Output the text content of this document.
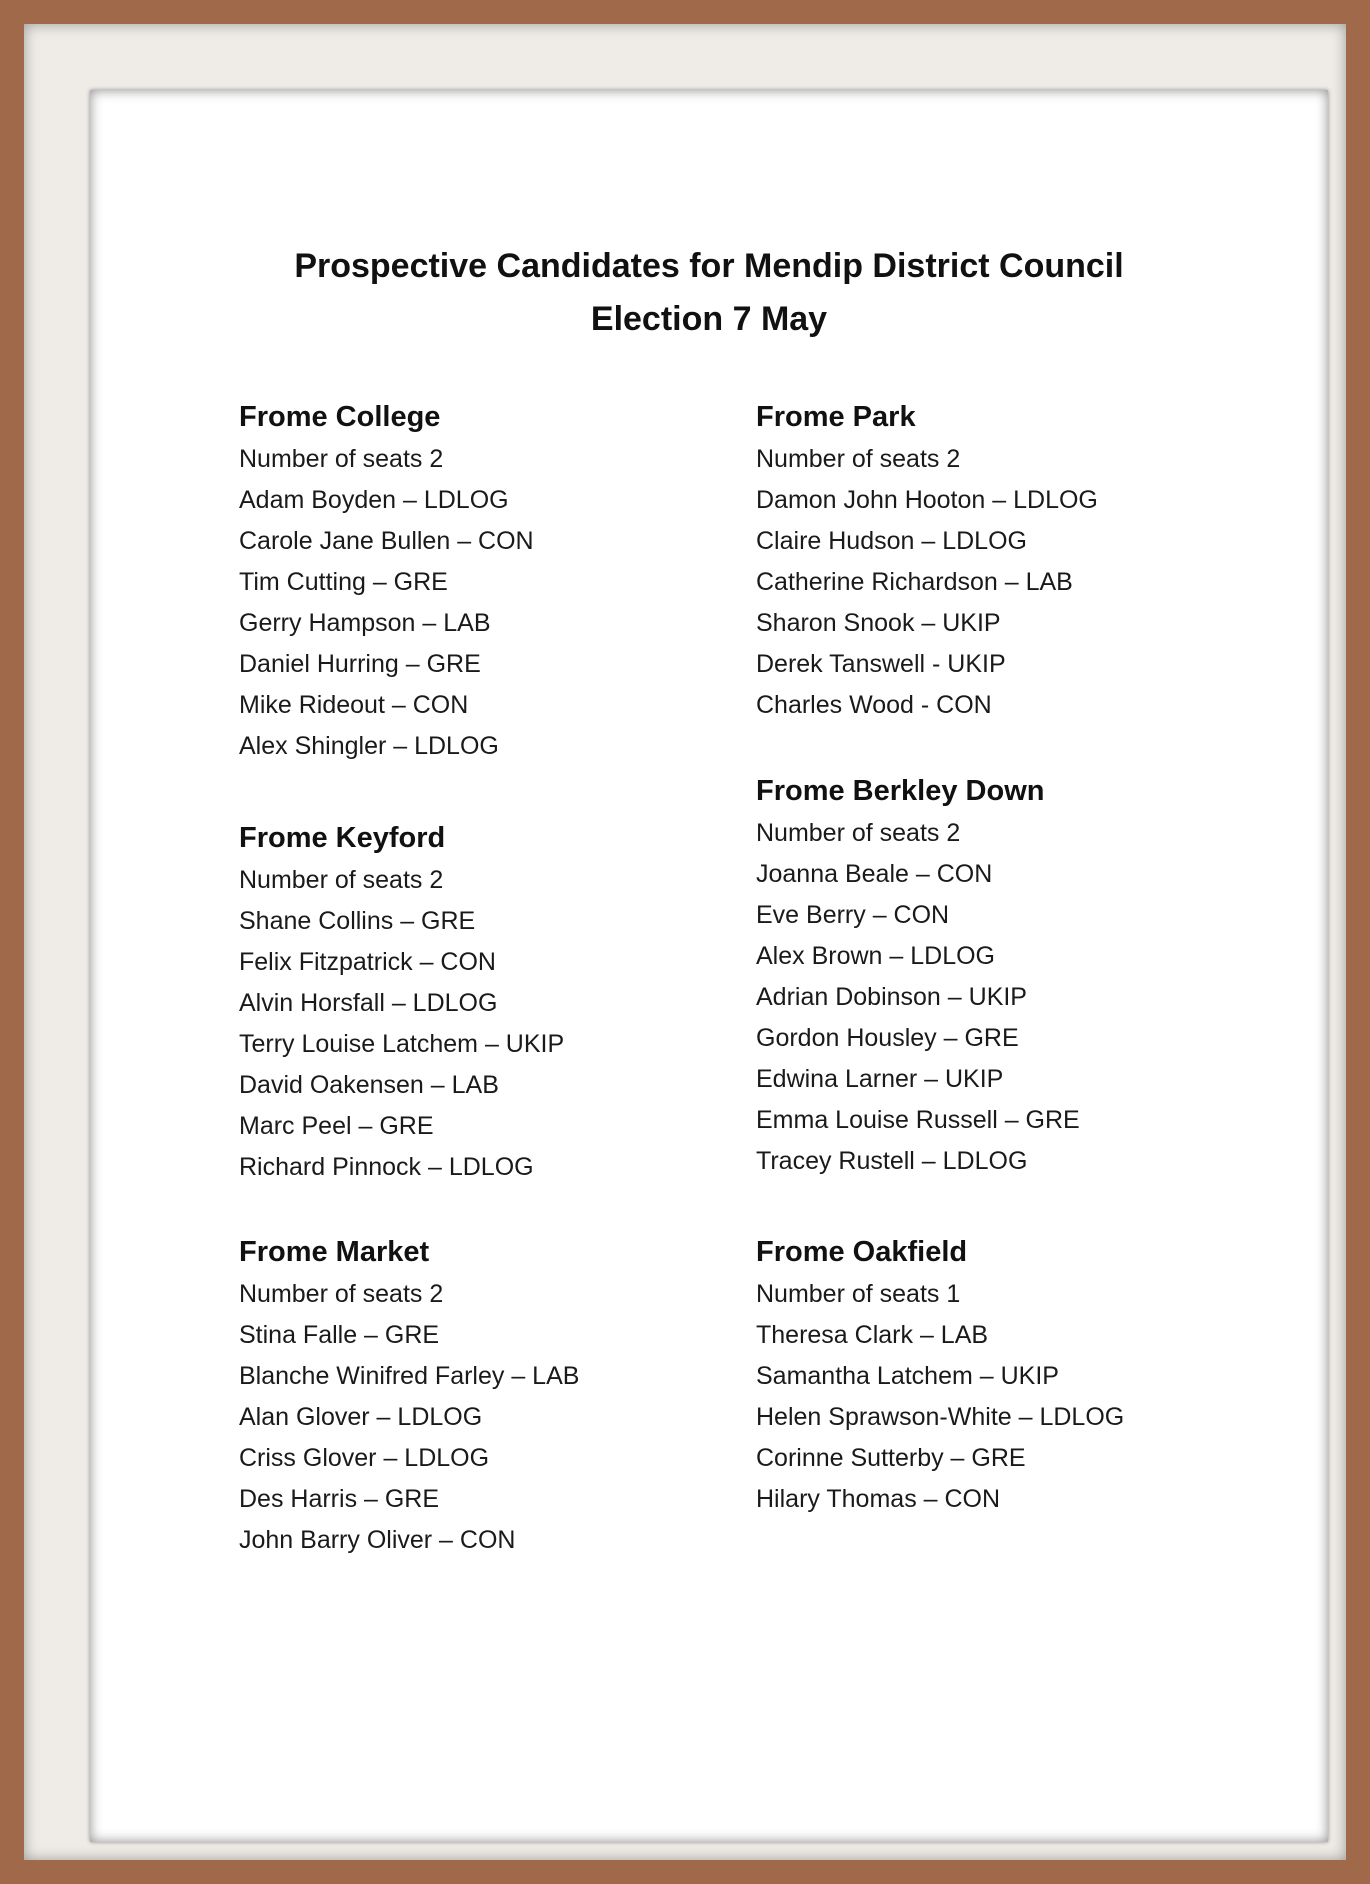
Prospective Candidates for Mendip District Council
Election 7 May
Frome College
Number of seats 2
Adam Boyden – LDLOG
Carole Jane Bullen – CON
Tim Cutting – GRE
Gerry Hampson – LAB
Daniel Hurring – GRE
Mike Rideout – CON
Alex Shingler – LDLOG
Frome Keyford
Number of seats 2
Shane Collins – GRE
Felix Fitzpatrick – CON
Alvin Horsfall – LDLOG
Terry Louise Latchem – UKIP
David Oakensen – LAB
Marc Peel – GRE
Richard Pinnock – LDLOG
Frome Market
Number of seats 2
Stina Falle – GRE
Blanche Winifred Farley – LAB
Alan Glover – LDLOG
Criss Glover – LDLOG
Des Harris – GRE
John Barry Oliver – CON
Frome Park
Number of seats 2
Damon John Hooton – LDLOG
Claire Hudson – LDLOG
Catherine Richardson – LAB
Sharon Snook – UKIP
Derek Tanswell - UKIP
Charles Wood - CON
Frome Berkley Down
Number of seats 2
Joanna Beale – CON
Eve Berry – CON
Alex Brown – LDLOG
Adrian Dobinson – UKIP
Gordon Housley – GRE
Edwina Larner – UKIP
Emma Louise Russell – GRE
Tracey Rustell – LDLOG
Frome Oakfield
Number of seats 1
Theresa Clark – LAB
Samantha Latchem – UKIP
Helen Sprawson-White – LDLOG
Corinne Sutterby – GRE
Hilary Thomas – CON
